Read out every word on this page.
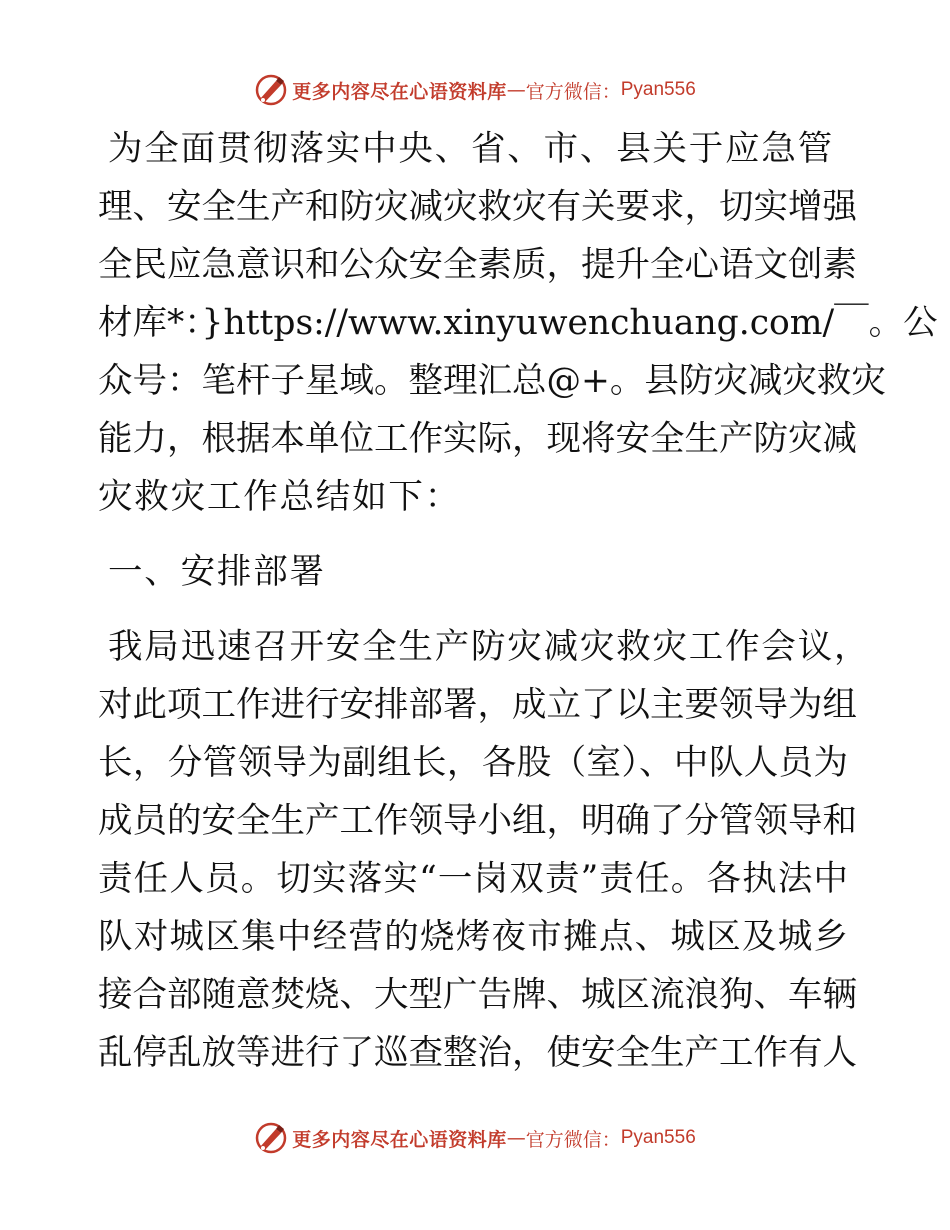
更多内容尽在心语资料库 — 官方微信： Pyan556
为全面贯彻落实中央、省、市、县关于应急管
理、安全生产和防灾减灾救灾有关要求，切实增强
全民应急意识和公众安全素质，提升全心语文创素
材库*：}https://www.xinyuwenchuang.com/￣。公
众号：笔杆子星域。整理汇总@+。县防灾减灾救灾
能力，根据本单位工作实际，现将安全生产防灾减
灾救灾工作总结如下：
一、安排部署
我局迅速召开安全生产防灾减灾救灾工作会议，
对此项工作进行安排部署，成立了以主要领导为组
长，分管领导为副组长，各股（室）、中队人员为
成员的安全生产工作领导小组，明确了分管领导和
责任人员。切实落实“一岗双责”责任。各执法中
队对城区集中经营的烧烤夜市摊点、城区及城乡
接合部随意焚烧、大型广告牌、城区流浪狗、车辆
乱停乱放等进行了巡查整治，使安全生产工作有人
更多内容尽在心语资料库 — 官方微信： Pyan556
